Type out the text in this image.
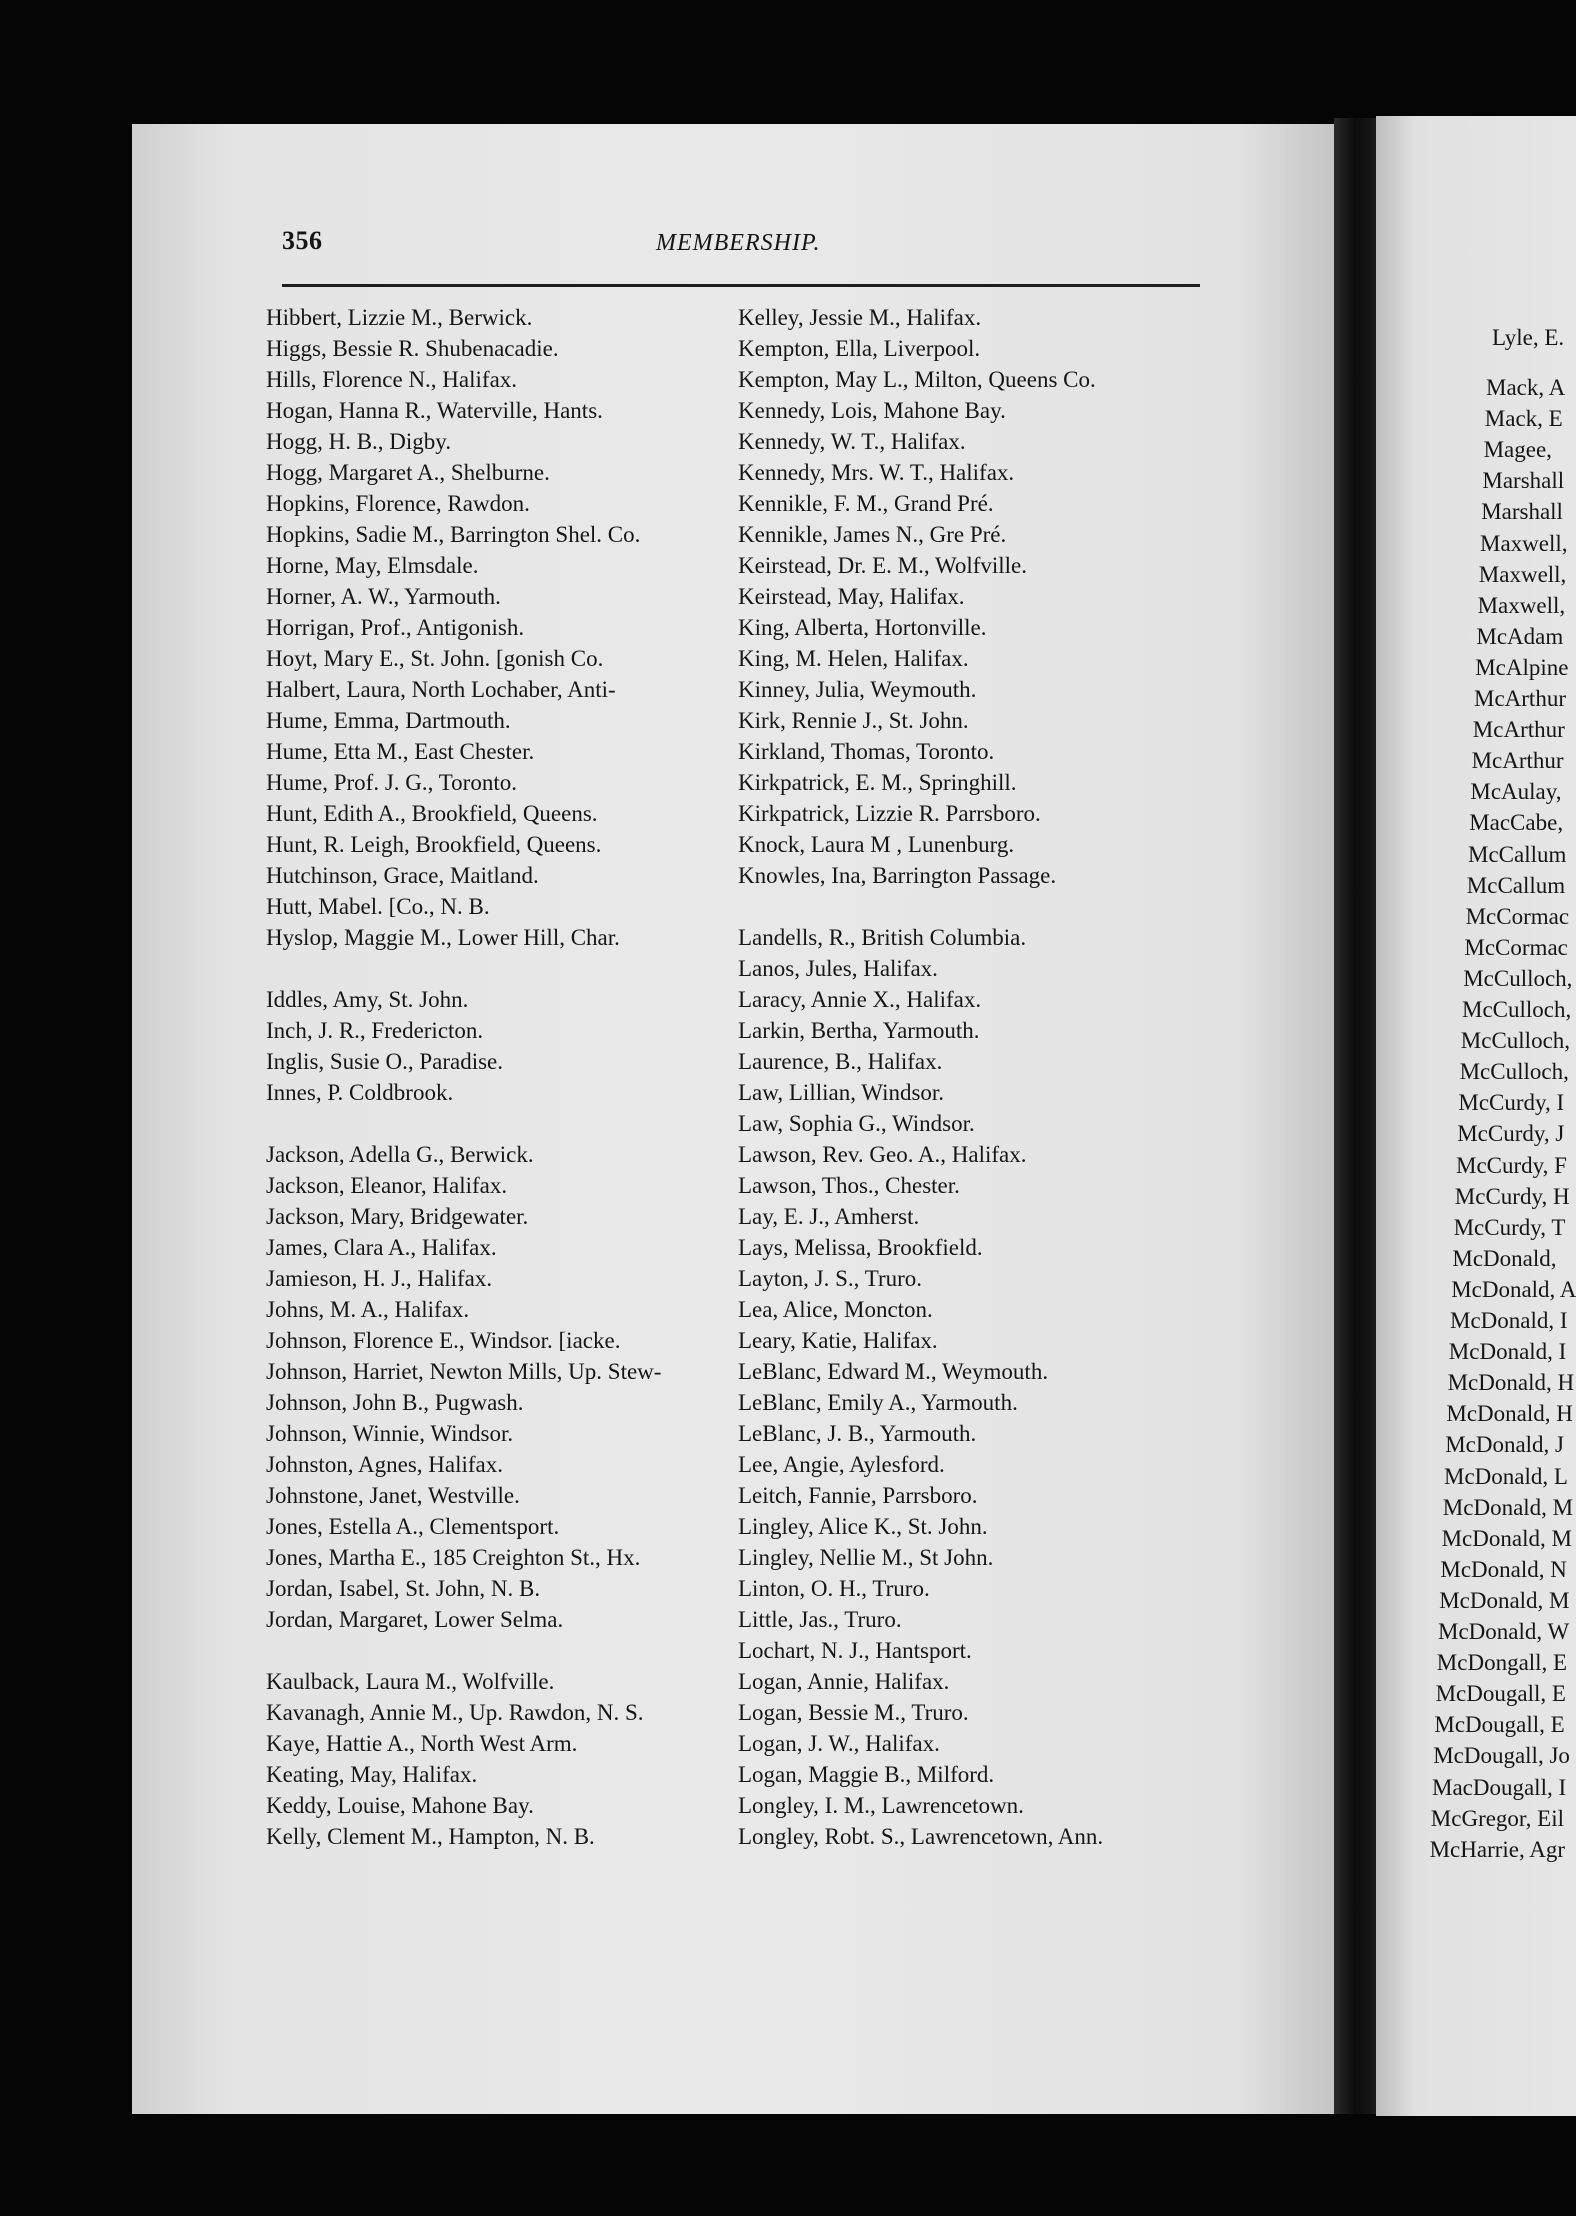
Lyle, E.
Mack, A
Mack, E
Magee,
Marshall
Marshall
Maxwell,
Maxwell,
Maxwell,
McAdam
McAlpine
McArthur
McArthur
McArthur
McAulay,
MacCabe,
McCallum
McCallum
McCormac
McCormac
McCulloch,
McCulloch,
McCulloch,
McCulloch,
McCurdy, I
McCurdy, J
McCurdy, F
McCurdy, H
McCurdy, T
McDonald,
McDonald, A
McDonald, I
McDonald, I
McDonald, H
McDonald, H
McDonald, J
McDonald, L
McDonald, M
McDonald, M
McDonald, N
McDonald, M
McDonald, W
McDongall, E
McDougall, E
McDougall, E
McDougall, Jo
MacDougall, I
McGregor, Eil
McHarrie, Agr
356	MEMBERSHIP.
Hibbert, Lizzie M., Berwick.
Higgs, Bessie R. Shubenacadie.
Hills, Florence N., Halifax.
Hogan, Hanna R., Waterville, Hants.
Hogg, H. B., Digby.
Hogg, Margaret A., Shelburne.
Hopkins, Florence, Rawdon.
Hopkins, Sadie M., Barrington Shel. Co.
Horne, May, Elmsdale.
Horner, A. W., Yarmouth.
Horrigan, Prof., Antigonish.
Hoyt, Mary E., St. John. [gonish Co.
Halbert, Laura, North Lochaber, Anti-
Hume, Emma, Dartmouth.
Hume, Etta M., East Chester.
Hume, Prof. J. G., Toronto.
Hunt, Edith A., Brookfield, Queens.
Hunt, R. Leigh, Brookfield, Queens.
Hutchinson, Grace, Maitland.
Hutt, Mabel. [Co., N. B.
Hyslop, Maggie M., Lower Hill, Char.
Iddles, Amy, St. John.
Inch, J. R., Fredericton.
Inglis, Susie O., Paradise.
Innes, P. Coldbrook.
Jackson, Adella G., Berwick.
Jackson, Eleanor, Halifax.
Jackson, Mary, Bridgewater.
James, Clara A., Halifax.
Jamieson, H. J., Halifax.
Johns, M. A., Halifax.
Johnson, Florence E., Windsor. [iacke.
Johnson, Harriet, Newton Mills, Up. Stew-
Johnson, John B., Pugwash.
Johnson, Winnie, Windsor.
Johnston, Agnes, Halifax.
Johnstone, Janet, Westville.
Jones, Estella A., Clementsport.
Jones, Martha E., 185 Creighton St., Hx.
Jordan, Isabel, St. John, N. B.
Jordan, Margaret, Lower Selma.
Kaulback, Laura M., Wolfville.
Kavanagh, Annie M., Up. Rawdon, N. S.
Kaye, Hattie A., North West Arm.
Keating, May, Halifax.
Keddy, Louise, Mahone Bay.
Kelly, Clement M., Hampton, N. B.
Kelley, Jessie M., Halifax.
Kempton, Ella, Liverpool.
Kempton, May L., Milton, Queens Co.
Kennedy, Lois, Mahone Bay.
Kennedy, W. T., Halifax.
Kennedy, Mrs. W. T., Halifax.
Kennikle, F. M., Grand Pré.
Kennikle, James N., Gre Pré.
Keirstead, Dr. E. M., Wolfville.
Keirstead, May, Halifax.
King, Alberta, Hortonville.
King, M. Helen, Halifax.
Kinney, Julia, Weymouth.
Kirk, Rennie J., St. John.
Kirkland, Thomas, Toronto.
Kirkpatrick, E. M., Springhill.
Kirkpatrick, Lizzie R. Parrsboro.
Knock, Laura M , Lunenburg.
Knowles, Ina, Barrington Passage.
Landells, R., British Columbia.
Lanos, Jules, Halifax.
Laracy, Annie X., Halifax.
Larkin, Bertha, Yarmouth.
Laurence, B., Halifax.
Law, Lillian, Windsor.
Law, Sophia G., Windsor.
Lawson, Rev. Geo. A., Halifax.
Lawson, Thos., Chester.
Lay, E. J., Amherst.
Lays, Melissa, Brookfield.
Layton, J. S., Truro.
Lea, Alice, Moncton.
Leary, Katie, Halifax.
LeBlanc, Edward M., Weymouth.
LeBlanc, Emily A., Yarmouth.
LeBlanc, J. B., Yarmouth.
Lee, Angie, Aylesford.
Leitch, Fannie, Parrsboro.
Lingley, Alice K., St. John.
Lingley, Nellie M., St John.
Linton, O. H., Truro.
Little, Jas., Truro.
Lochart, N. J., Hantsport.
Logan, Annie, Halifax.
Logan, Bessie M., Truro.
Logan, J. W., Halifax.
Logan, Maggie B., Milford.
Longley, I. M., Lawrencetown.
Longley, Robt. S., Lawrencetown, Ann.
